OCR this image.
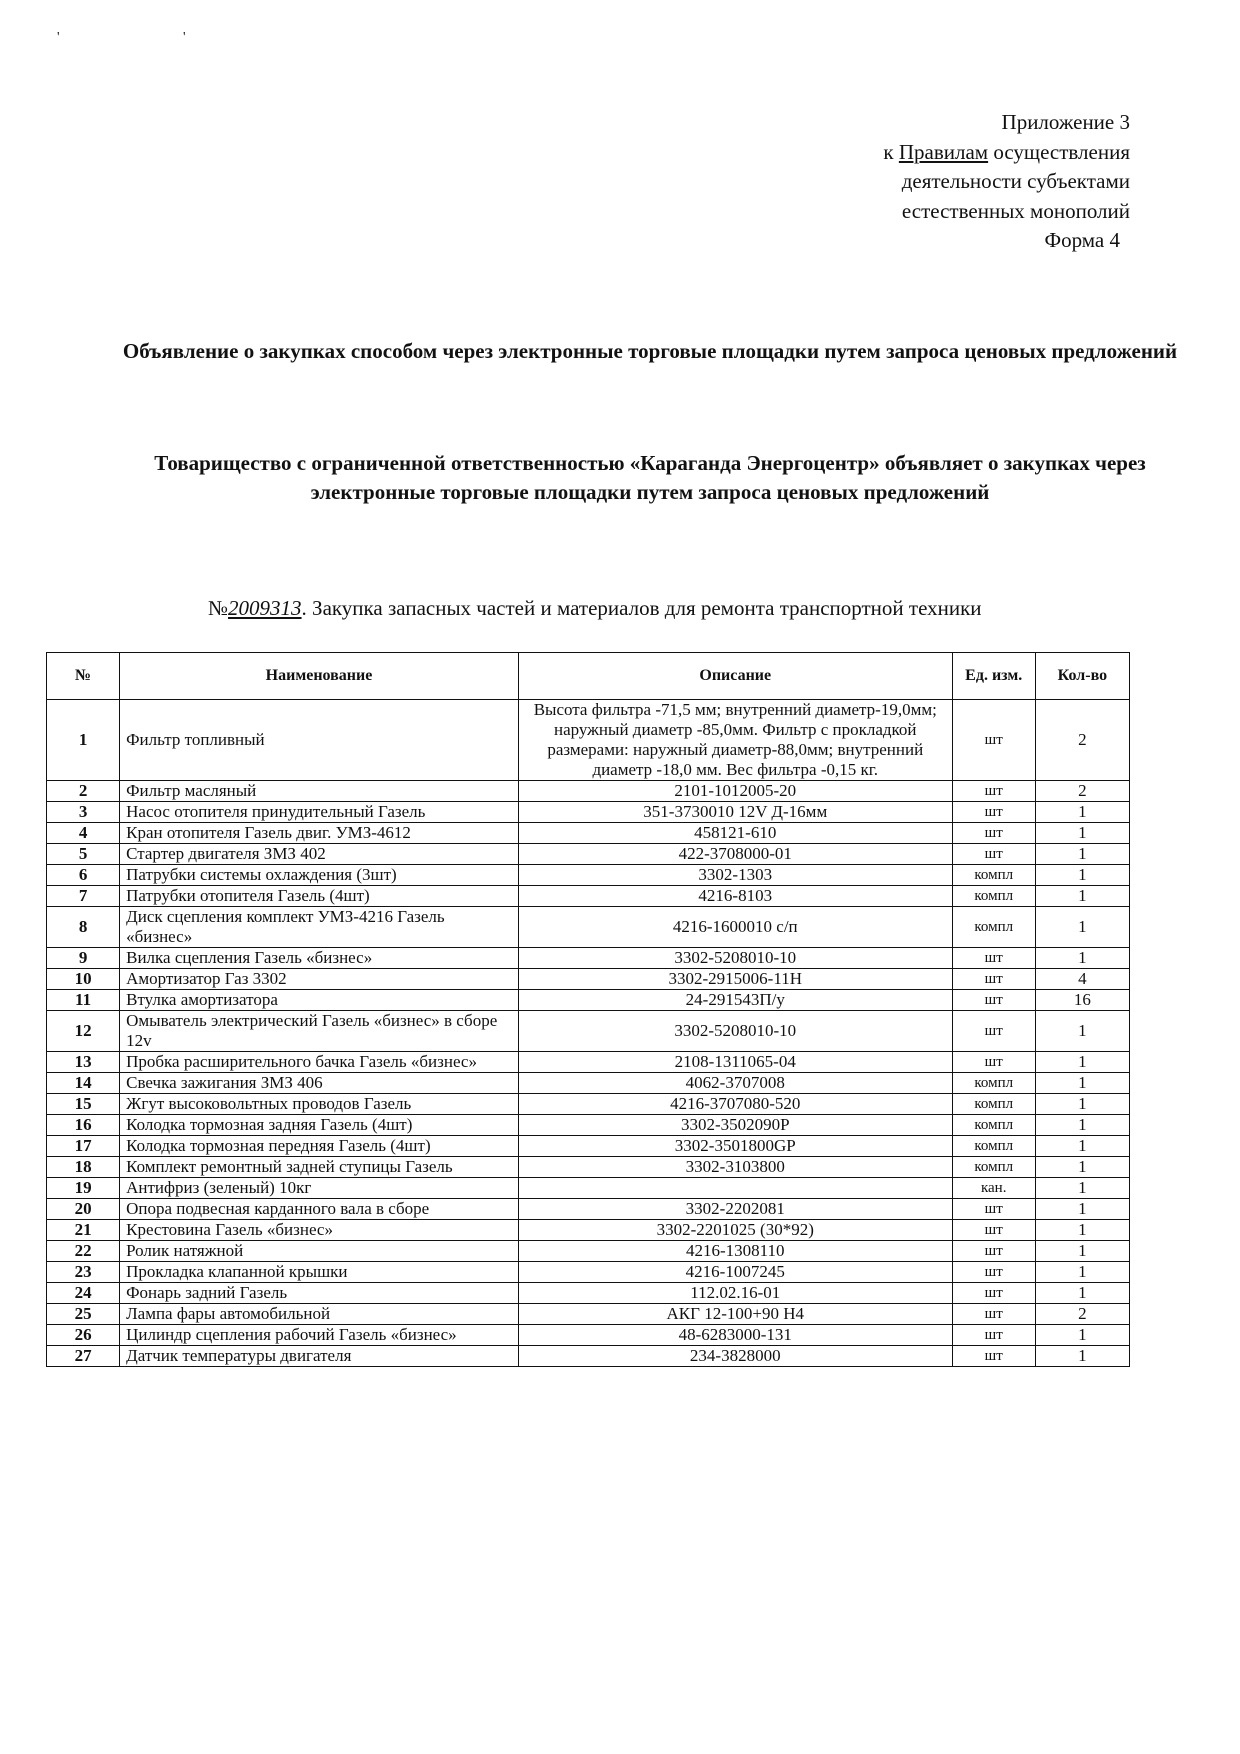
' '
Приложение 3
к Правилам осуществления
деятельности субъектами
естественных монополий
Форма 4
Объявление о закупках способом через электронные торговые площадки путем запроса ценовых предложений
Товарищество с ограниченной ответственностью «Караганда Энергоцентр» объявляет о закупках через электронные торговые площадки путем запроса ценовых предложений
№2009313. Закупка запасных частей и материалов для ремонта транспортной техники
№	Наименование	Описание	Ед. изм.	Кол-во
1	Фильтр топливный	Высота фильтра -71,5 мм; внутренний диаметр-19,0мм; наружный диаметр -85,0мм. Фильтр с прокладкой размерами: наружный диаметр-88,0мм; внутренний диаметр -18,0 мм. Вес фильтра -0,15 кг.	шт	2
2	Фильтр масляный	2101-1012005-20	шт	2
3	Насос отопителя принудительный Газель	351-3730010 12V Д-16мм	шт	1
4	Кран отопителя Газель двиг. УМЗ-4612	458121-610	шт	1
5	Стартер двигателя ЗМЗ 402	422-3708000-01	шт	1
6	Патрубки системы охлаждения (3шт)	3302-1303	компл	1
7	Патрубки отопителя Газель (4шт)	4216-8103	компл	1
8	Диск сцепления комплект УМЗ-4216 Газель «бизнес»	4216-1600010 с/п	компл	1
9	Вилка сцепления Газель «бизнес»	3302-5208010-10	шт	1
10	Амортизатор Газ 3302	3302-2915006-11Н	шт	4
11	Втулка амортизатора	24-291543П/у	шт	16
12	Омыватель электрический Газель «бизнес» в сборе 12v	3302-5208010-10	шт	1
13	Пробка расширительного бачка Газель «бизнес»	2108-1311065-04	шт	1
14	Свечка зажигания ЗМЗ 406	4062-3707008	компл	1
15	Жгут высоковольтных проводов Газель	4216-3707080-520	компл	1
16	Колодка тормозная задняя Газель (4шт)	3302-3502090Р	компл	1
17	Колодка тормозная передняя Газель (4шт)	3302-3501800GP	компл	1
18	Комплект ремонтный задней ступицы Газель	3302-3103800	компл	1
19	Антифриз (зеленый) 10кг		кан.	1
20	Опора подвесная карданного вала в сборе	3302-2202081	шт	1
21	Крестовина Газель «бизнес»	3302-2201025 (30*92)	шт	1
22	Ролик натяжной	4216-1308110	шт	1
23	Прокладка клапанной крышки	4216-1007245	шт	1
24	Фонарь задний Газель	112.02.16-01	шт	1
25	Лампа фары автомобильной	АКГ 12-100+90 Н4	шт	2
26	Цилиндр сцепления рабочий Газель «бизнес»	48-6283000-131	шт	1
27	Датчик температуры двигателя	234-3828000	шт	1
